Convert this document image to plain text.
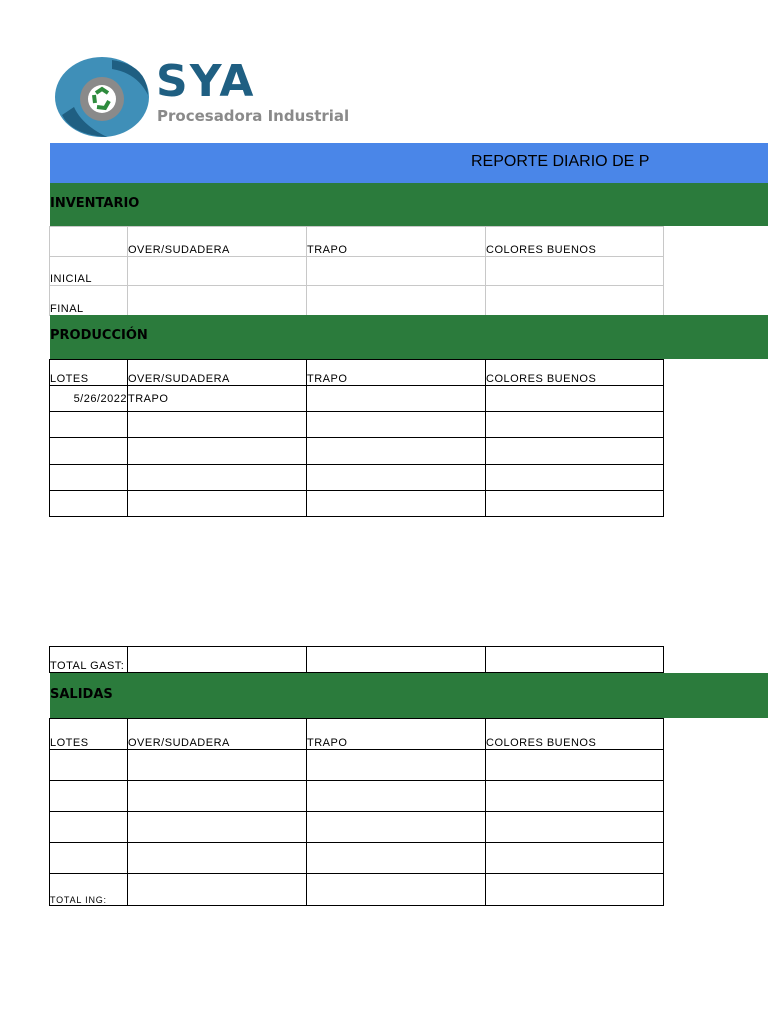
SYA
Procesadora Industrial
REPORTE DIARIO DE P
INVENTARIO
	OVER/SUDADERA	TRAPO	COLORES BUENOS
INICIAL			
FINAL			
PRODUCCIÓN
LOTES	OVER/SUDADERA	TRAPO	COLORES BUENOS
5/26/2022	TRAPO		

TOTAL GAST:			
SALIDAS
LOTES	OVER/SUDADERA	TRAPO	COLORES BUENOS

TOTAL ING:			
